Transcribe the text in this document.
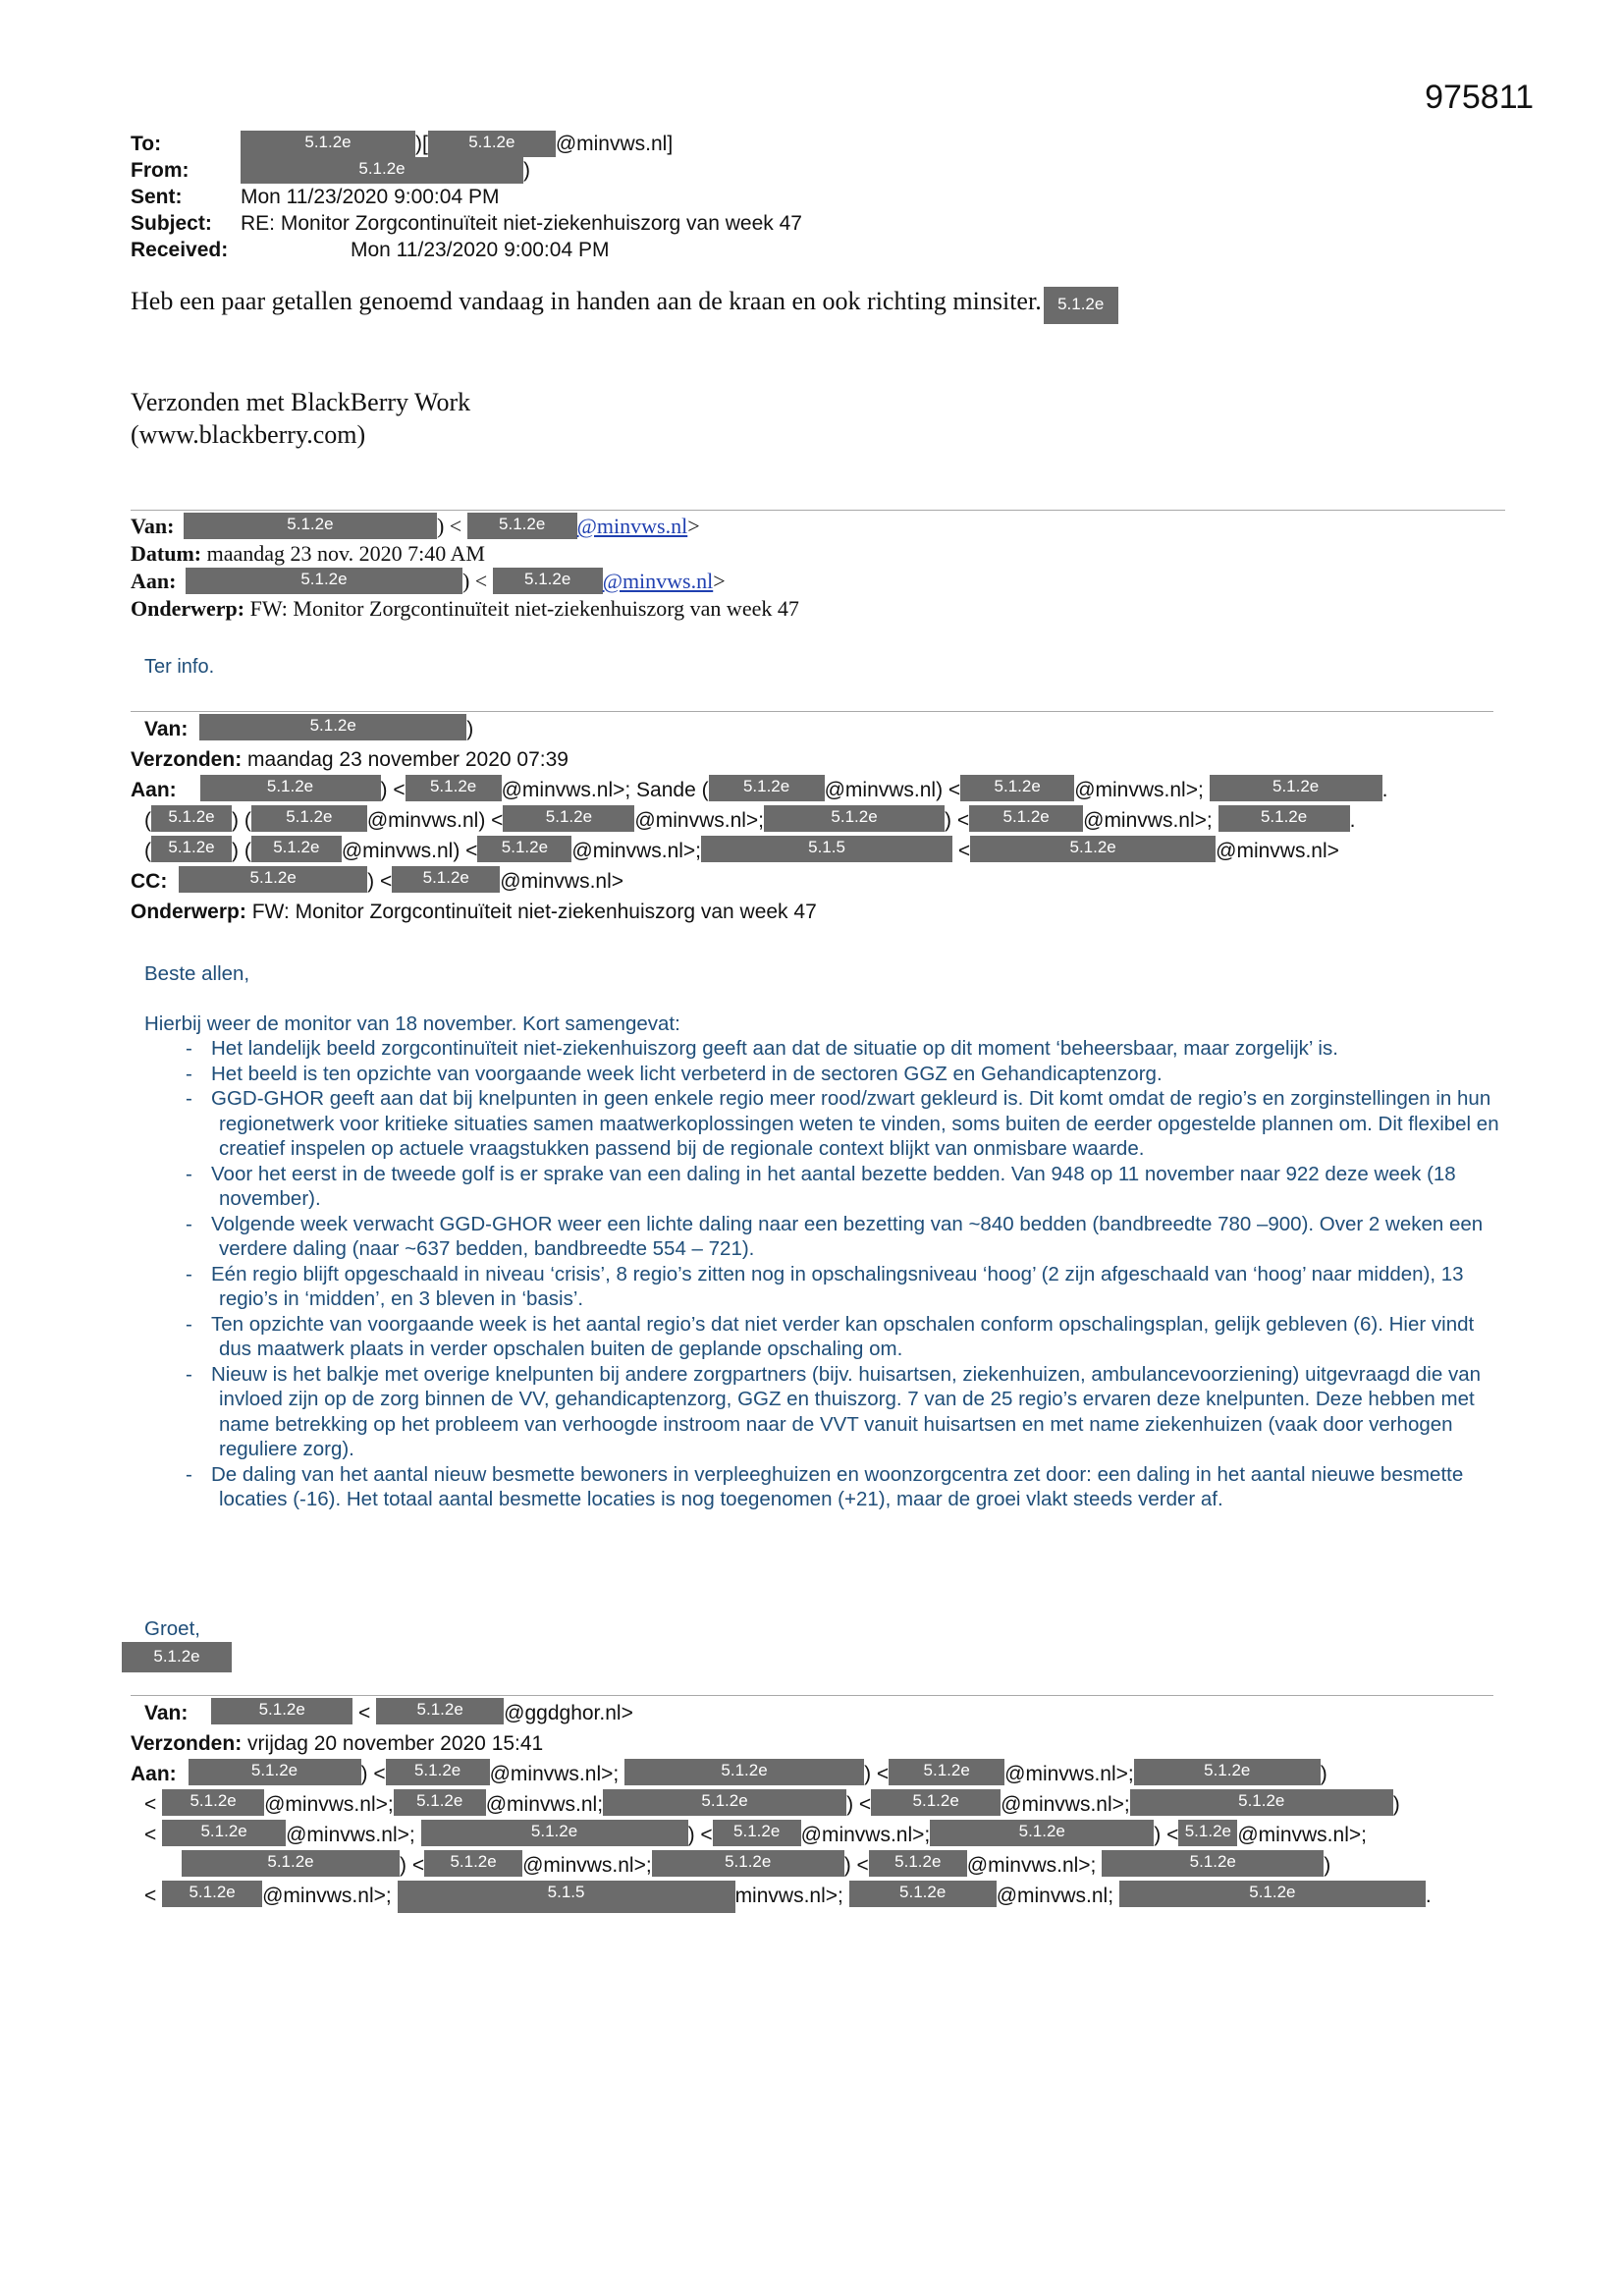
975811
To:	5.1.2e	)[ 5.1.2e @minvws.nl]
From:	5.1.2e	)
Sent:	Mon 11/23/2020 9:00:04 PM
Subject: RE: Monitor Zorgcontinuïteit niet-ziekenhuiszorg van week 47
Received:	Mon 11/23/2020 9:00:04 PM
Heb een paar getallen genoemd vandaag in handen aan de kraan en ook richting minsiter. 5.1.2e
Verzonden met BlackBerry Work
(www.blackberry.com)
Van:	5.1.2e	) < 5.1.2e @minvws.nl>
Datum: maandag 23 nov. 2020 7:40 AM
Aan:	5.1.2e	) < 5.1.2e @minvws.nl>
Onderwerp: FW: Monitor Zorgcontinuïteit niet-ziekenhuiszorg van week 47
Ter info.
Van:	5.1.2e	)
Verzonden: maandag 23 november 2020 07:39
Aan:	5.1.2e	) < 5.1.2e @minvws.nl>; Sande ( 5.1.2e @minvws.nl) < 5.1.2e @minvws.nl>;	5.1.2e	.
( 5.1.2e ) ( 5.1.2e @minvws.nl) <	5.1.2e @minvws.nl>;	5.1.2e	) < 5.1.2e @minvws.nl>;	5.1.2e .
( 5.1.2e ) ( 5.1.2e @minvws.nl) < 5.1.2e @minvws.nl>;	5.1.5	<	5.1.2e	@minvws.nl>
CC:	5.1.2e	) < 5.1.2e @minvws.nl>
Onderwerp: FW: Monitor Zorgcontinuïteit niet-ziekenhuiszorg van week 47
Beste allen,
Hierbij weer de monitor van 18 november. Kort samengevat:
- Het landelijk beeld zorgcontinuïteit niet-ziekenhuiszorg geeft aan dat de situatie op dit moment ‘beheersbaar, maar zorgelijk’ is.
- Het beeld is ten opzichte van voorgaande week licht verbeterd in de sectoren GGZ en Gehandicaptenzorg.
- GGD-GHOR geeft aan dat bij knelpunten in geen enkele regio meer rood/zwart gekleurd is. Dit komt omdat de regio’s en zorginstellingen in hun regionetwerk voor kritieke situaties samen maatwerkoplossingen weten te vinden, soms buiten de eerder opgestelde plannen om. Dit flexibel en creatief inspelen op actuele vraagstukken passend bij de regionale context blijkt van onmisbare waarde.
- Voor het eerst in de tweede golf is er sprake van een daling in het aantal bezette bedden. Van 948 op 11 november naar 922 deze week (18 november).
- Volgende week verwacht GGD-GHOR weer een lichte daling naar een bezetting van ~840 bedden (bandbreedte 780 –900). Over 2 weken een verdere daling (naar ~637 bedden, bandbreedte 554 – 721).
- Eén regio blijft opgeschaald in niveau ‘crisis’, 8 regio’s zitten nog in opschalingsniveau ‘hoog’ (2 zijn afgeschaald van ‘hoog’ naar midden), 13 regio’s in ‘midden’, en 3 bleven in ‘basis’.
- Ten opzichte van voorgaande week is het aantal regio’s dat niet verder kan opschalen conform opschalingsplan, gelijk gebleven (6). Hier vindt dus maatwerk plaats in verder opschalen buiten de geplande opschaling om.
- Nieuw is het balkje met overige knelpunten bij andere zorgpartners (bijv. huisartsen, ziekenhuizen, ambulancevoorziening) uitgevraagd die van invloed zijn op de zorg binnen de VV, gehandicaptenzorg, GGZ en thuiszorg. 7 van de 25 regio’s ervaren deze knelpunten. Deze hebben met name betrekking op het probleem van verhoogde instroom naar de VVT vanuit huisartsen en met name ziekenhuizen (vaak door verhogen reguliere zorg).
- De daling van het aantal nieuw besmette bewoners in verpleeghuizen en woonzorgcentra zet door: een daling in het aantal nieuwe besmette locaties (-16). Het totaal aantal besmette locaties is nog toegenomen (+21), maar de groei vlakt steeds verder af.
Groet,
5.1.2e
Van:	5.1.2e	<	5.1.2e @ggdghor.nl>
Verzonden: vrijdag 20 november 2020 15:41
Aan:	5.1.2e	) < 5.1.2e @minvws.nl>;	5.1.2e	) < 5.1.2e @minvws.nl>;	5.1.2e	)
< 5.1.2e @minvws.nl>; 5.1.2e @minvws.nl;	5.1.2e	) < 5.1.2e @minvws.nl>;	5.1.2e	)
<	5.1.2e @minvws.nl>;	5.1.2e	) < 5.1.2e @minvws.nl>;	5.1.2e	) < 5.1.2e @minvws.nl>;
5.1.2e	) < 5.1.2e @minvws.nl>;	5.1.2e	) < 5.1.2e @minvws.nl>;	5.1.2e	)
< 5.1.2e @minvws.nl>;	5.1.5	minvws.nl>;	5.1.2e @minvws.nl;	5.1.2e	.
